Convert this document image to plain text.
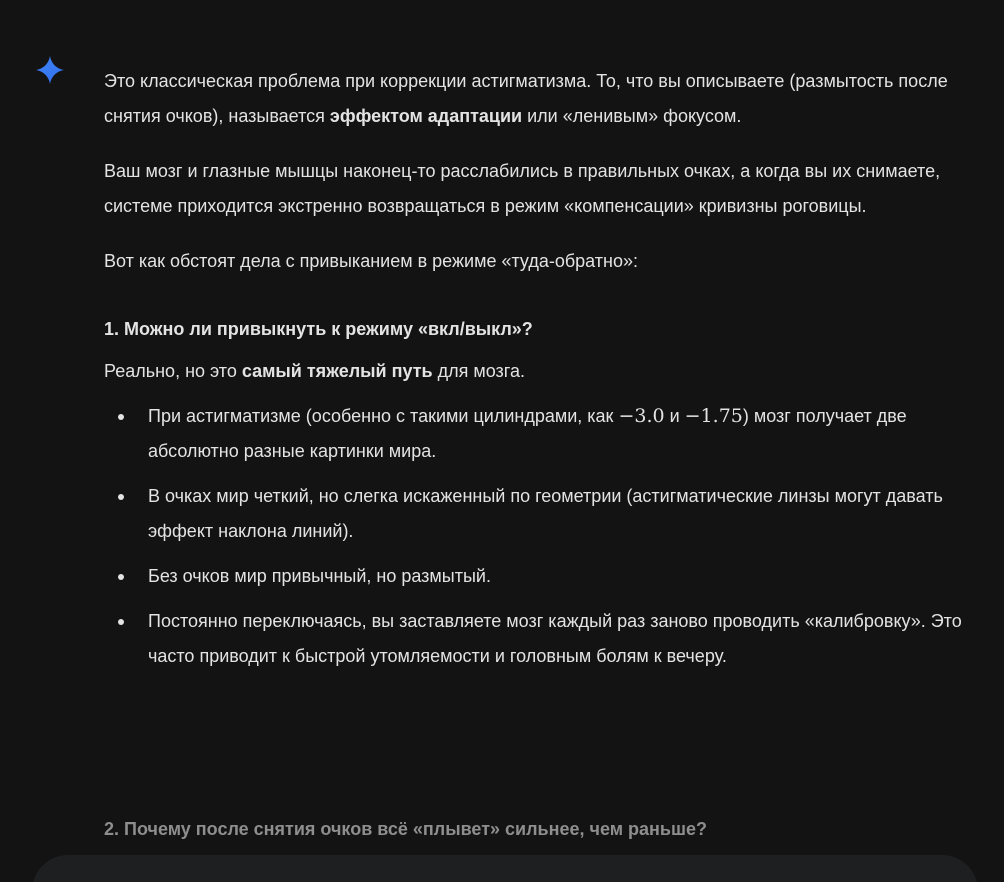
Это классическая проблема при коррекции астигматизма. То, что вы описываете (размытость после снятия очков), называется эффектом адаптации или «ленивым» фокусом.

Ваш мозг и глазные мышцы наконец-то расслабились в правильных очках, а когда вы их снимаете, системе приходится экстренно возвращаться в режим «компенсации» кривизны роговицы.

Вот как обстоят дела с привыканием в режиме «туда-обратно»:

1. Можно ли привыкнуть к режиму «вкл/выкл»?

Реально, но это самый тяжелый путь для мозга.

При астигматизме (особенно с такими цилиндрами, как −3.0 и −1.75) мозг получает две абсолютно разные картинки мира.
В очках мир четкий, но слегка искаженный по геометрии (астигматические линзы могут давать эффект наклона линий).
Без очков мир привычный, но размытый.
Постоянно переключаясь, вы заставляете мозг каждый раз заново проводить «калибровку». Это часто приводит к быстрой утомляемости и головным болям к вечеру.

2. Почему после снятия очков всё «плывет» сильнее, чем раньше?
